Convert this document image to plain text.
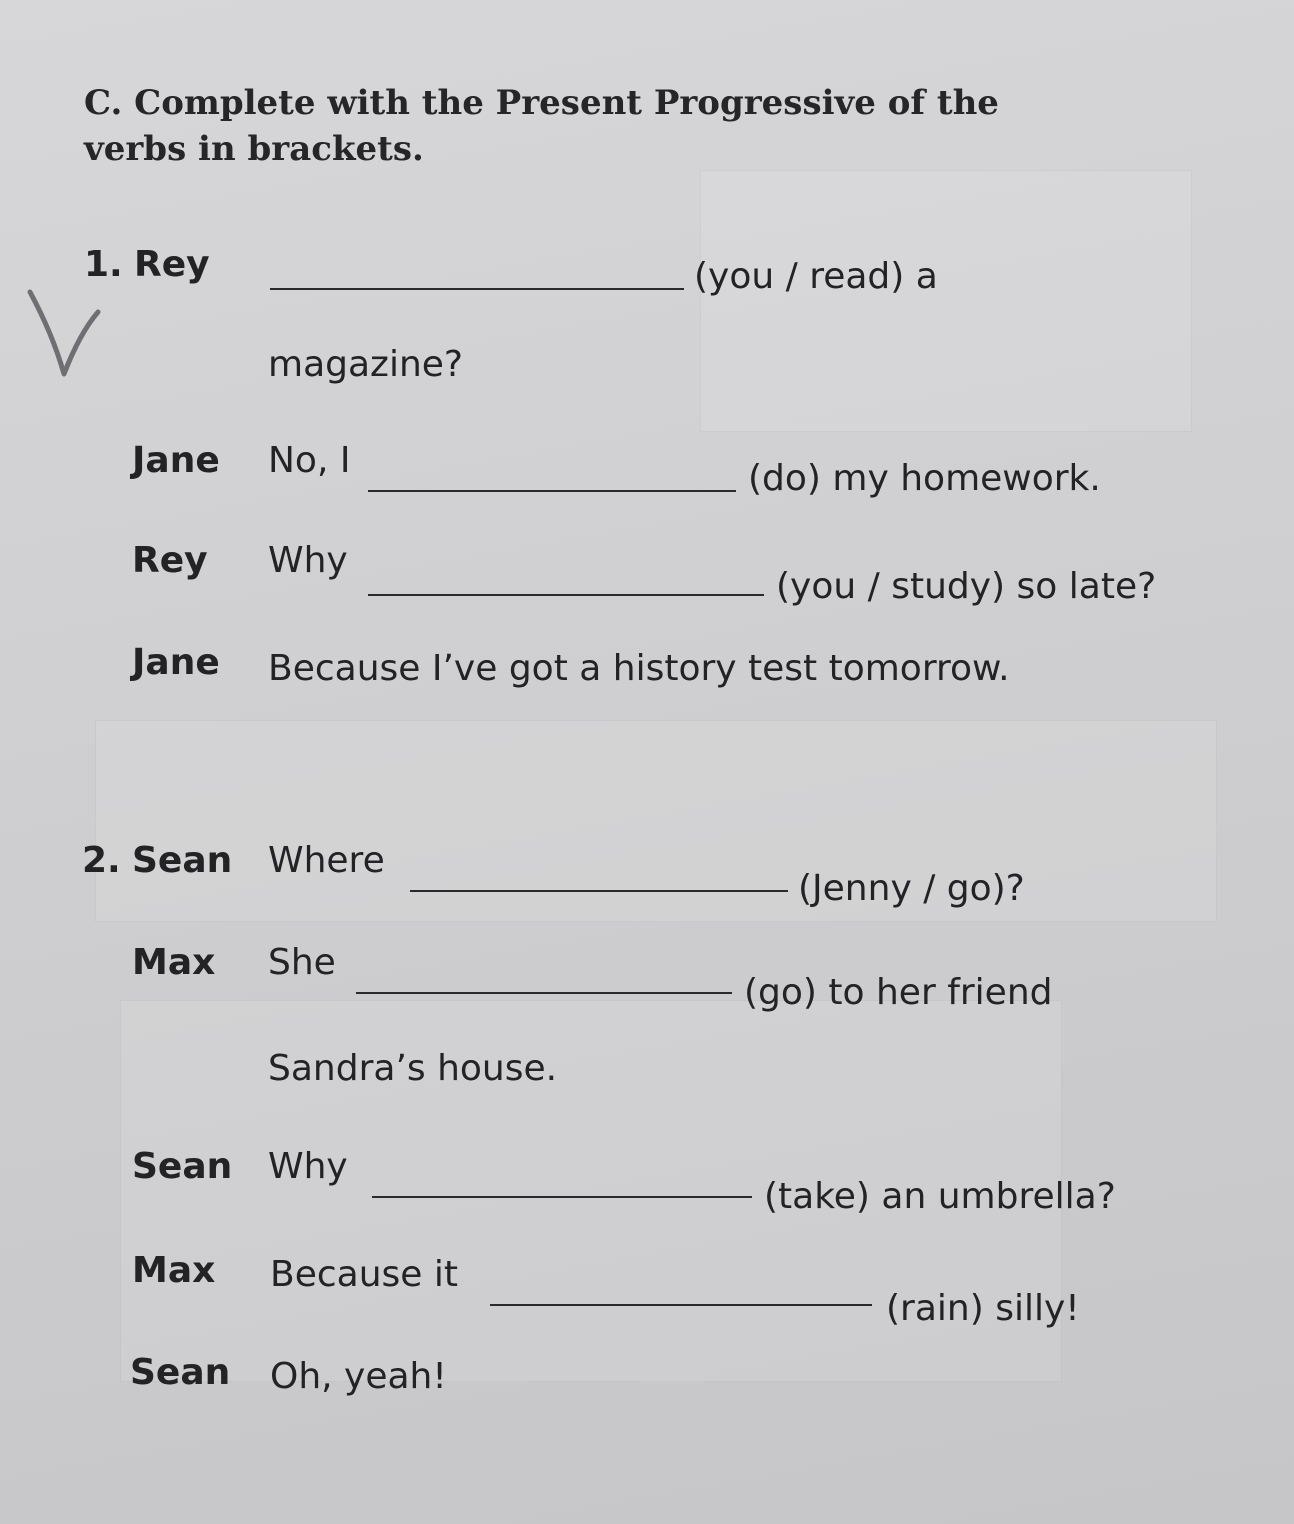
C. Complete with the Present Progressive of the verbs in brackets.
1. Rey	(you / read) a
magazine?
Jane No, I	(do) my homework.
Rey Why
(you / study) so late?
Jane Because I’ve got a history test tomorrow.
2. Sean Where
(Jenny / go)?
Max She
(go) to her friend
Sandra’s house.
Sean Why
(take) an umbrella?
Max Because it
(rain) silly!
Sean Oh, yeah!
